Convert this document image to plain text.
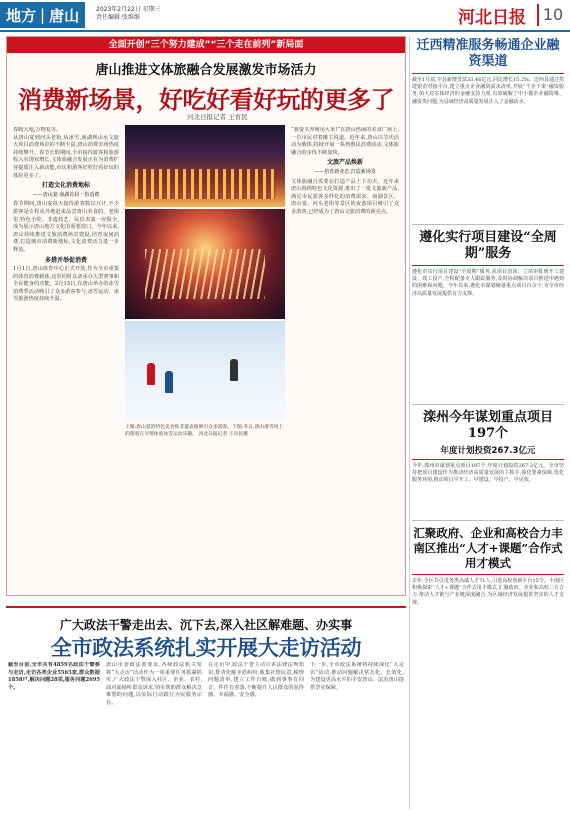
地方 | 唐山	2023年2月22日 星期三
责任编辑:张维维	河北日报	10
全面开创“三个努力建成”“三个走在前列”新局面
唐山推进文体旅融合发展激发市场活力
消费新场景，好吃好看好玩的更多了
河北日报记者 王育民

春暖大地,万物复苏。

从唐山宴到河头老街,从冰雪,南湖到山水文旅大项目消费场景的不断丰富,唐山消费市场热度持续攀升。春节长假期间,全市接待游客和旅游收入实现双增长,文体旅融合发展正在为消费扩容提质注入新动能,市民和游客好吃好看好玩的体验更多了。

打造文化消费地标
——唐山宴·南湖首屈一指消费

春节期间,唐山宴每天接待游客数以万计,不少游客是专程从外地赶来品尝唐山美食的。老街里,特色小吃、非遗技艺、民俗表演一应俱全,成为展示唐山地方文化的重要窗口。今年以来,唐山持续推进文旅消费场景建设,培育夜间消费,打造城市消费新地标,文化消费活力进一步释放。

多措并举促消费

1月1日,唐山体育中心正式开放,作为全市重要的体育消费载体,这里同时具备承办大型赛事和全民健身的功能。2月15日,在唐山举办的冰雪消费季活动吸引了众多游客参与,冰雪运动、冰雪旅游热度持续升温。

上图:唐山宴的特色美食和非遗表演吸引众多游客。下图:冬日,唐山滑雪场上的游客在尽情体验冰雪运动乐趣。 河北日报记者 王育民摄

“我要买养殖用大米!”在唐山热闹的美食广场上,一位市民对着摊主说道。近年来,唐山以节庆活动为载体,持续开展一系列惠民消费活动,文体旅融合的步伐不断加快。

文旅产品焕新
——培育新业态,打造新场景

文体旅融合需要在打造产品上下功夫。近年来唐山围绕特色文化资源,推出了一批文旅新产品,满足市民游客多样化的消费需求。南湖景区、唐山宴、河头老街等景区的夜游项目吸引了众多游客,已经成为了唐山文旅消费的新亮点。

迁西精准服务畅通企业融资渠道
截至1月底,全县新增贷款33.46亿元,同比增长15.2%。迁西县通过搭建银企对接平台,建立重点企业融资需求清单,开展“千企千策”融资服务,加大对实体经济的金融支持力度,有效破解了中小微企业融资难、融资贵问题,为县域经济高质量发展注入了金融活水。
遵化实行项目建设“全周期”服务
遵化市实行项目建设“全周期”服务,从项目洽谈、立项审批到开工建设、竣工投产,全程配备专人跟踪服务,及时协调解决项目推进中遇到的困难和问题。今年以来,遵化市谋划储备重点项目百余个,为全市经济高质量发展提供有力支撑。
滦州今年谋划重点项目197个
年度计划投资267.3亿元
今年,滦州市谋划重点项目197个,年度计划投资267.3亿元。全市坚持把项目建设作为推动经济高质量发展的主抓手,强化要素保障,优化服务环境,推动项目早开工、早建设、早投产、早见效。
汇聚政府、企业和高校合力丰南区推出“人才+课题”合作式用才模式
去年,全区共引进各类高端人才71人,引进高校创新平台15个。丰南区积极探索“人才+课题”合作式用才模式,汇聚政府、企业和高校三方合力,推动人才链与产业链深度融合,为区域经济发展提供坚实的人才支撑。
广大政法干警走出去、沉下去,深入社区解难题、办实事
全市政法系统扎实开展大走访活动

截至目前,全市共有4859名政法干警参与走访,走访各类企业5565家,群众数据1858户,解决问题28项,服务问题2695个。

唐山市委政法委要求,各级政法机关要将“大走访”活动作为一项重要任务抓紧抓实,广大政法干警深入社区、企业、农村,面对面倾听群众诉求,切实帮助群众解决急难愁盼问题,以实际行动践行为民服务宗旨。

在走访中,政法干警主动宣讲法律法规知识,排查化解矛盾纠纷,收集社情民意,梳理问题清单,建立工作台账,做到事事有回音、件件有着落,不断提升人民群众的获得感、幸福感、安全感。

下一步,全市政法系统将持续深化“大走访”活动,推动问题解决常态化、长效化,为建设更高水平的平安唐山、法治唐山提供坚实保障。
